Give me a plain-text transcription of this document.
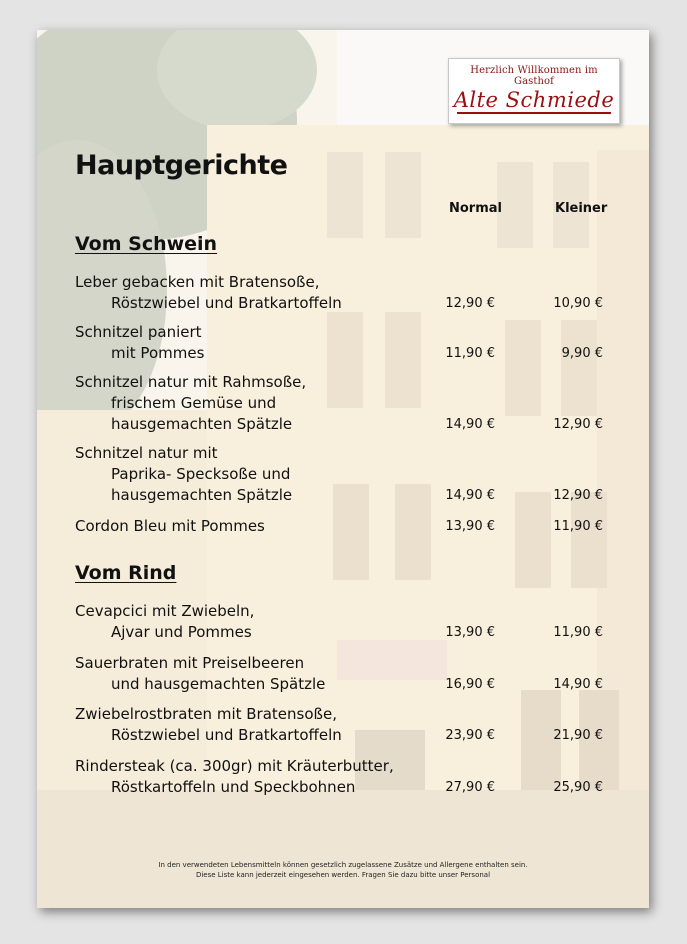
Herzlich Willkommen im Gasthof
Alte Schmiede
Hauptgerichte
Normal	Kleiner
Vom Schwein
Leber gebacken mit Bratensoße,
Röstzwiebel und Bratkartoffeln	12,90 €	10,90 €
Schnitzel paniert
mit Pommes	11,90 €	9,90 €
Schnitzel natur mit Rahmsoße,
frischem Gemüse und
hausgemachten Spätzle	14,90 €	12,90 €
Schnitzel natur mit
Paprika- Specksoße und
hausgemachten Spätzle	14,90 €	12,90 €
Cordon Bleu mit Pommes	13,90 €	11,90 €
Vom Rind
Cevapcici mit Zwiebeln,
Ajvar und Pommes	13,90 €	11,90 €
Sauerbraten mit Preiselbeeren
und hausgemachten Spätzle	16,90 €	14,90 €
Zwiebelrostbraten mit Bratensoße,
Röstzwiebel und Bratkartoffeln	23,90 €	21,90 €
Rindersteak (ca. 300gr) mit Kräuterbutter,
Röstkartoffeln und Speckbohnen	27,90 €	25,90 €
In den verwendeten Lebensmitteln können gesetzlich zugelassene Zusätze und Allergene enthalten sein.
Diese Liste kann jederzeit eingesehen werden. Fragen Sie dazu bitte unser Personal
